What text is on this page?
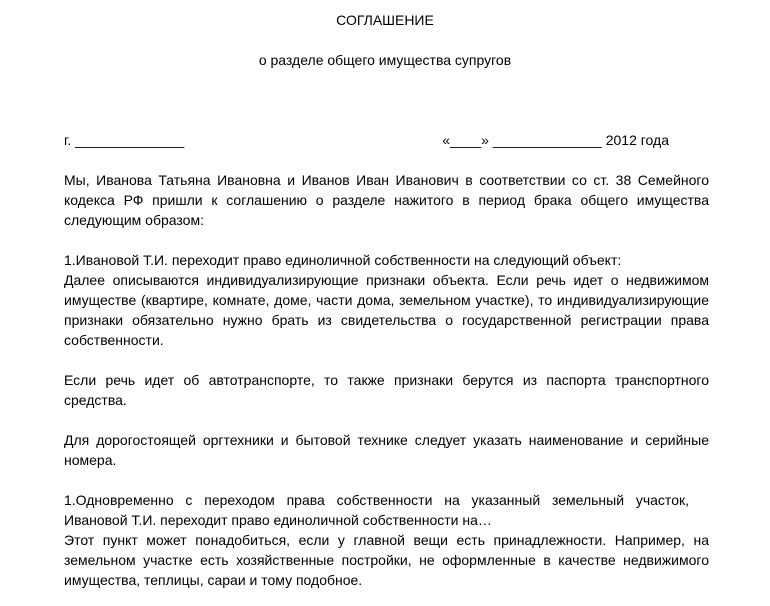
СОГЛАШЕНИЕ
о разделе общего имущества супругов
г. ______________	«____» ______________ 2012 года
Мы, Иванова Татьяна Ивановна и Иванов Иван Иванович в соответствии со ст. 38 Семейного
кодекса РФ пришли к соглашению о разделе нажитого в период брака общего имущества
следующим образом:
1.Ивановой Т.И. переходит право единоличной собственности на следующий объект:
Далее описываются индивидуализирующие признаки объекта. Если речь идет о недвижимом
имуществе (квартире, комнате, доме, части дома, земельном участке), то индивидуализирующие
признаки обязательно нужно брать из свидетельства о государственной регистрации права
собственности.
Если речь идет об автотранспорте, то также признаки берутся из паспорта транспортного
средства.
Для дорогостоящей оргтехники и бытовой технике следует указать наименование и серийные
номера.
1.Одновременно с переходом права собственности на указанный земельный участок,
Ивановой Т.И. переходит право единоличной собственности на…
Этот пункт может понадобиться, если у главной вещи есть принадлежности. Например, на
земельном участке есть хозяйственные постройки, не оформленные в качестве недвижимого
имущества, теплицы, сараи и тому подобное.
